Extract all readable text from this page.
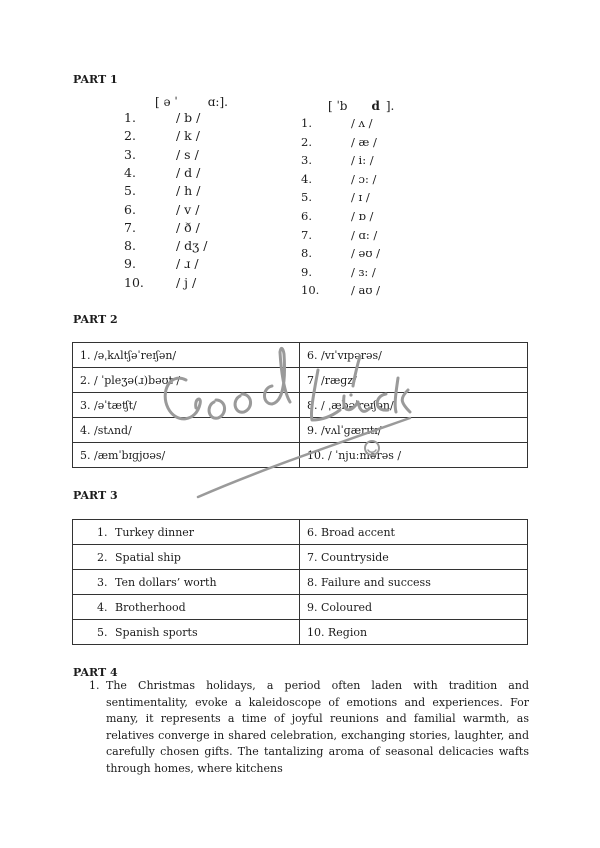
PART 1
[ ə ˈ	ɑ:].	[ ˈb d ].
1.	/ b /
2.	/ k /
3.	/ s /
4.	/ d /
5.	/ h /
6.	/ v /
7.	/ ð /
8.	/ dʒ /
9.	/ ɹ /
10.	/ j /
1.	/ ʌ /
2.	/ æ /
3.	/ i: /
4.	/ ɔ: /
5.	/ ɪ /
6.	/ ɒ /
7.	/ ɑ: /
8.	/ əʊ /
9.	/ ɜ: /
10.	/ aʊ /
PART 2
1. /əˌkʌltʃəˈreɪʃən/	6. /vɪˈvɪpərəs/
2. / ˈpleʒə(ɹ)bəʊt /	7. /ræɡz/
3. /əˈtæʧt/	8. / ˌæbəˈreɪʃən/
4. /stʌnd/	9. /vʌlˈɡærɪtɪ/
5. /æmˈbɪɡjʊəs/	10. / ˈnjuːmərəs /
PART 3
1. Turkey dinner	6. Broad accent
2. Spatial ship	7. Countryside
3. Ten dollars’ worth	8. Failure and success
4. Brotherhood	9. Coloured
5. Spanish sports	10. Region
PART 4
1. The Christmas holidays, a period often laden with tradition and sentimentality, evoke a kaleidoscope of emotions and experiences. For many, it represents a time of joyful reunions and familial warmth, as relatives converge in shared celebration, exchanging stories, laughter, and carefully chosen gifts. The tantalizing aroma of seasonal delicacies wafts through homes, where kitchens
